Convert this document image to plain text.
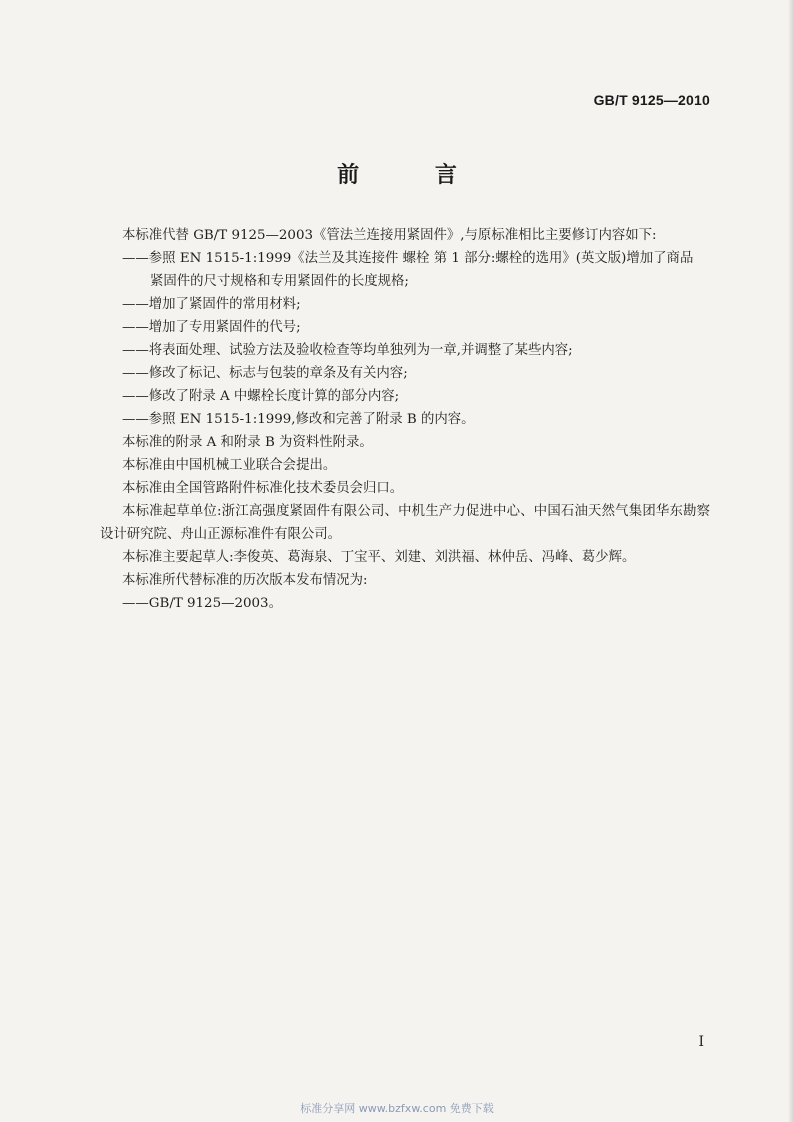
GB/T 9125—2010
前 言

本标准代替 GB/T 9125—2003《管法兰连接用紧固件》,与原标准相比主要修订内容如下:

——参照 EN 1515-1:1999《法兰及其连接件 螺栓 第 1 部分:螺栓的选用》(英文版)增加了商品
紧固件的尺寸规格和专用紧固件的长度规格;

——增加了紧固件的常用材料;

——增加了专用紧固件的代号;

——将表面处理、试验方法及验收检查等均单独列为一章,并调整了某些内容;

——修改了标记、标志与包装的章条及有关内容;

——修改了附录 A 中螺栓长度计算的部分内容;

——参照 EN 1515-1:1999,修改和完善了附录 B 的内容。

本标准的附录 A 和附录 B 为资料性附录。

本标准由中国机械工业联合会提出。

本标准由全国管路附件标准化技术委员会归口。

本标准起草单位:浙江高强度紧固件有限公司、中机生产力促进中心、中国石油天然气集团华东勘察设计研究院、舟山正源标准件有限公司。

本标准主要起草人:李俊英、葛海泉、丁宝平、刘建、刘洪福、林仲岳、冯峰、葛少辉。

本标准所代替标准的历次版本发布情况为:

——GB/T 9125—2003。

I
标准分享网 www.bzfxw.com 免费下载
